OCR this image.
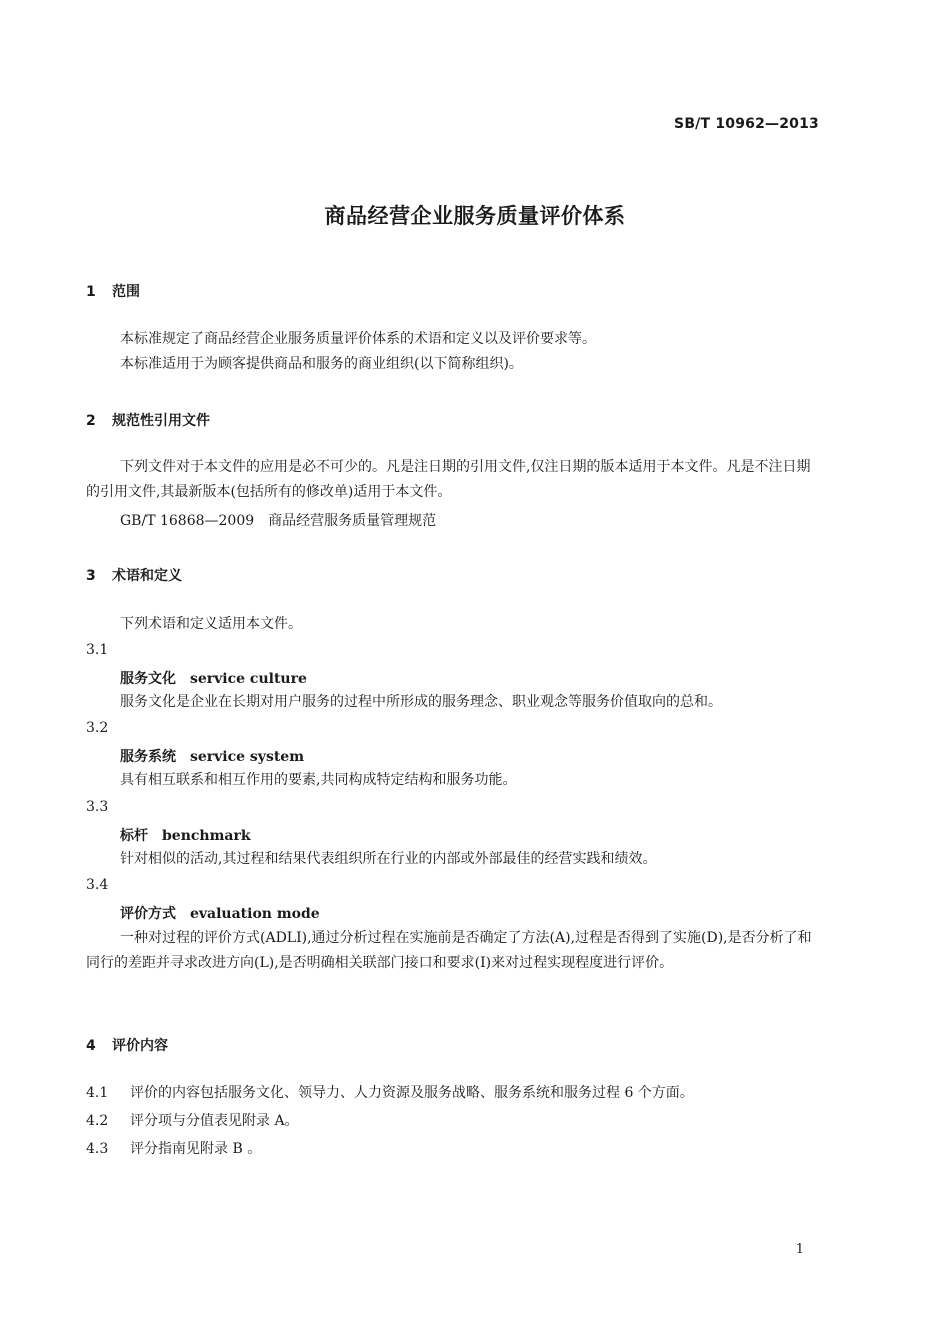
SB/T 10962—2013
商品经营企业服务质量评价体系
1 范围
本标准规定了商品经营企业服务质量评价体系的术语和定义以及评价要求等。
本标准适用于为顾客提供商品和服务的商业组织(以下简称组织)。
2 规范性引用文件
下列文件对于本文件的应用是必不可少的。凡是注日期的引用文件,仅注日期的版本适用于本文件。凡是不注日期的引用文件,其最新版本(包括所有的修改单)适用于本文件。
GB/T 16868—2009　商品经营服务质量管理规范
3 术语和定义
下列术语和定义适用本文件。
3.1
服务文化 service culture
服务文化是企业在长期对用户服务的过程中所形成的服务理念、职业观念等服务价值取向的总和。
3.2
服务系统 service system
具有相互联系和相互作用的要素,共同构成特定结构和服务功能。
3.3
标杆 benchmark
针对相似的活动,其过程和结果代表组织所在行业的内部或外部最佳的经营实践和绩效。
3.4
评价方式 evaluation mode
一种对过程的评价方式(ADLI),通过分析过程在实施前是否确定了方法(A),过程是否得到了实施(D),是否分析了和同行的差距并寻求改进方向(L),是否明确相关联部门接口和要求(I)来对过程实现程度进行评价。
4 评价内容
4.1 评价的内容包括服务文化、领导力、人力资源及服务战略、服务系统和服务过程 6 个方面。
4.2 评分项与分值表见附录 A。
4.3 评分指南见附录 B 。
1
